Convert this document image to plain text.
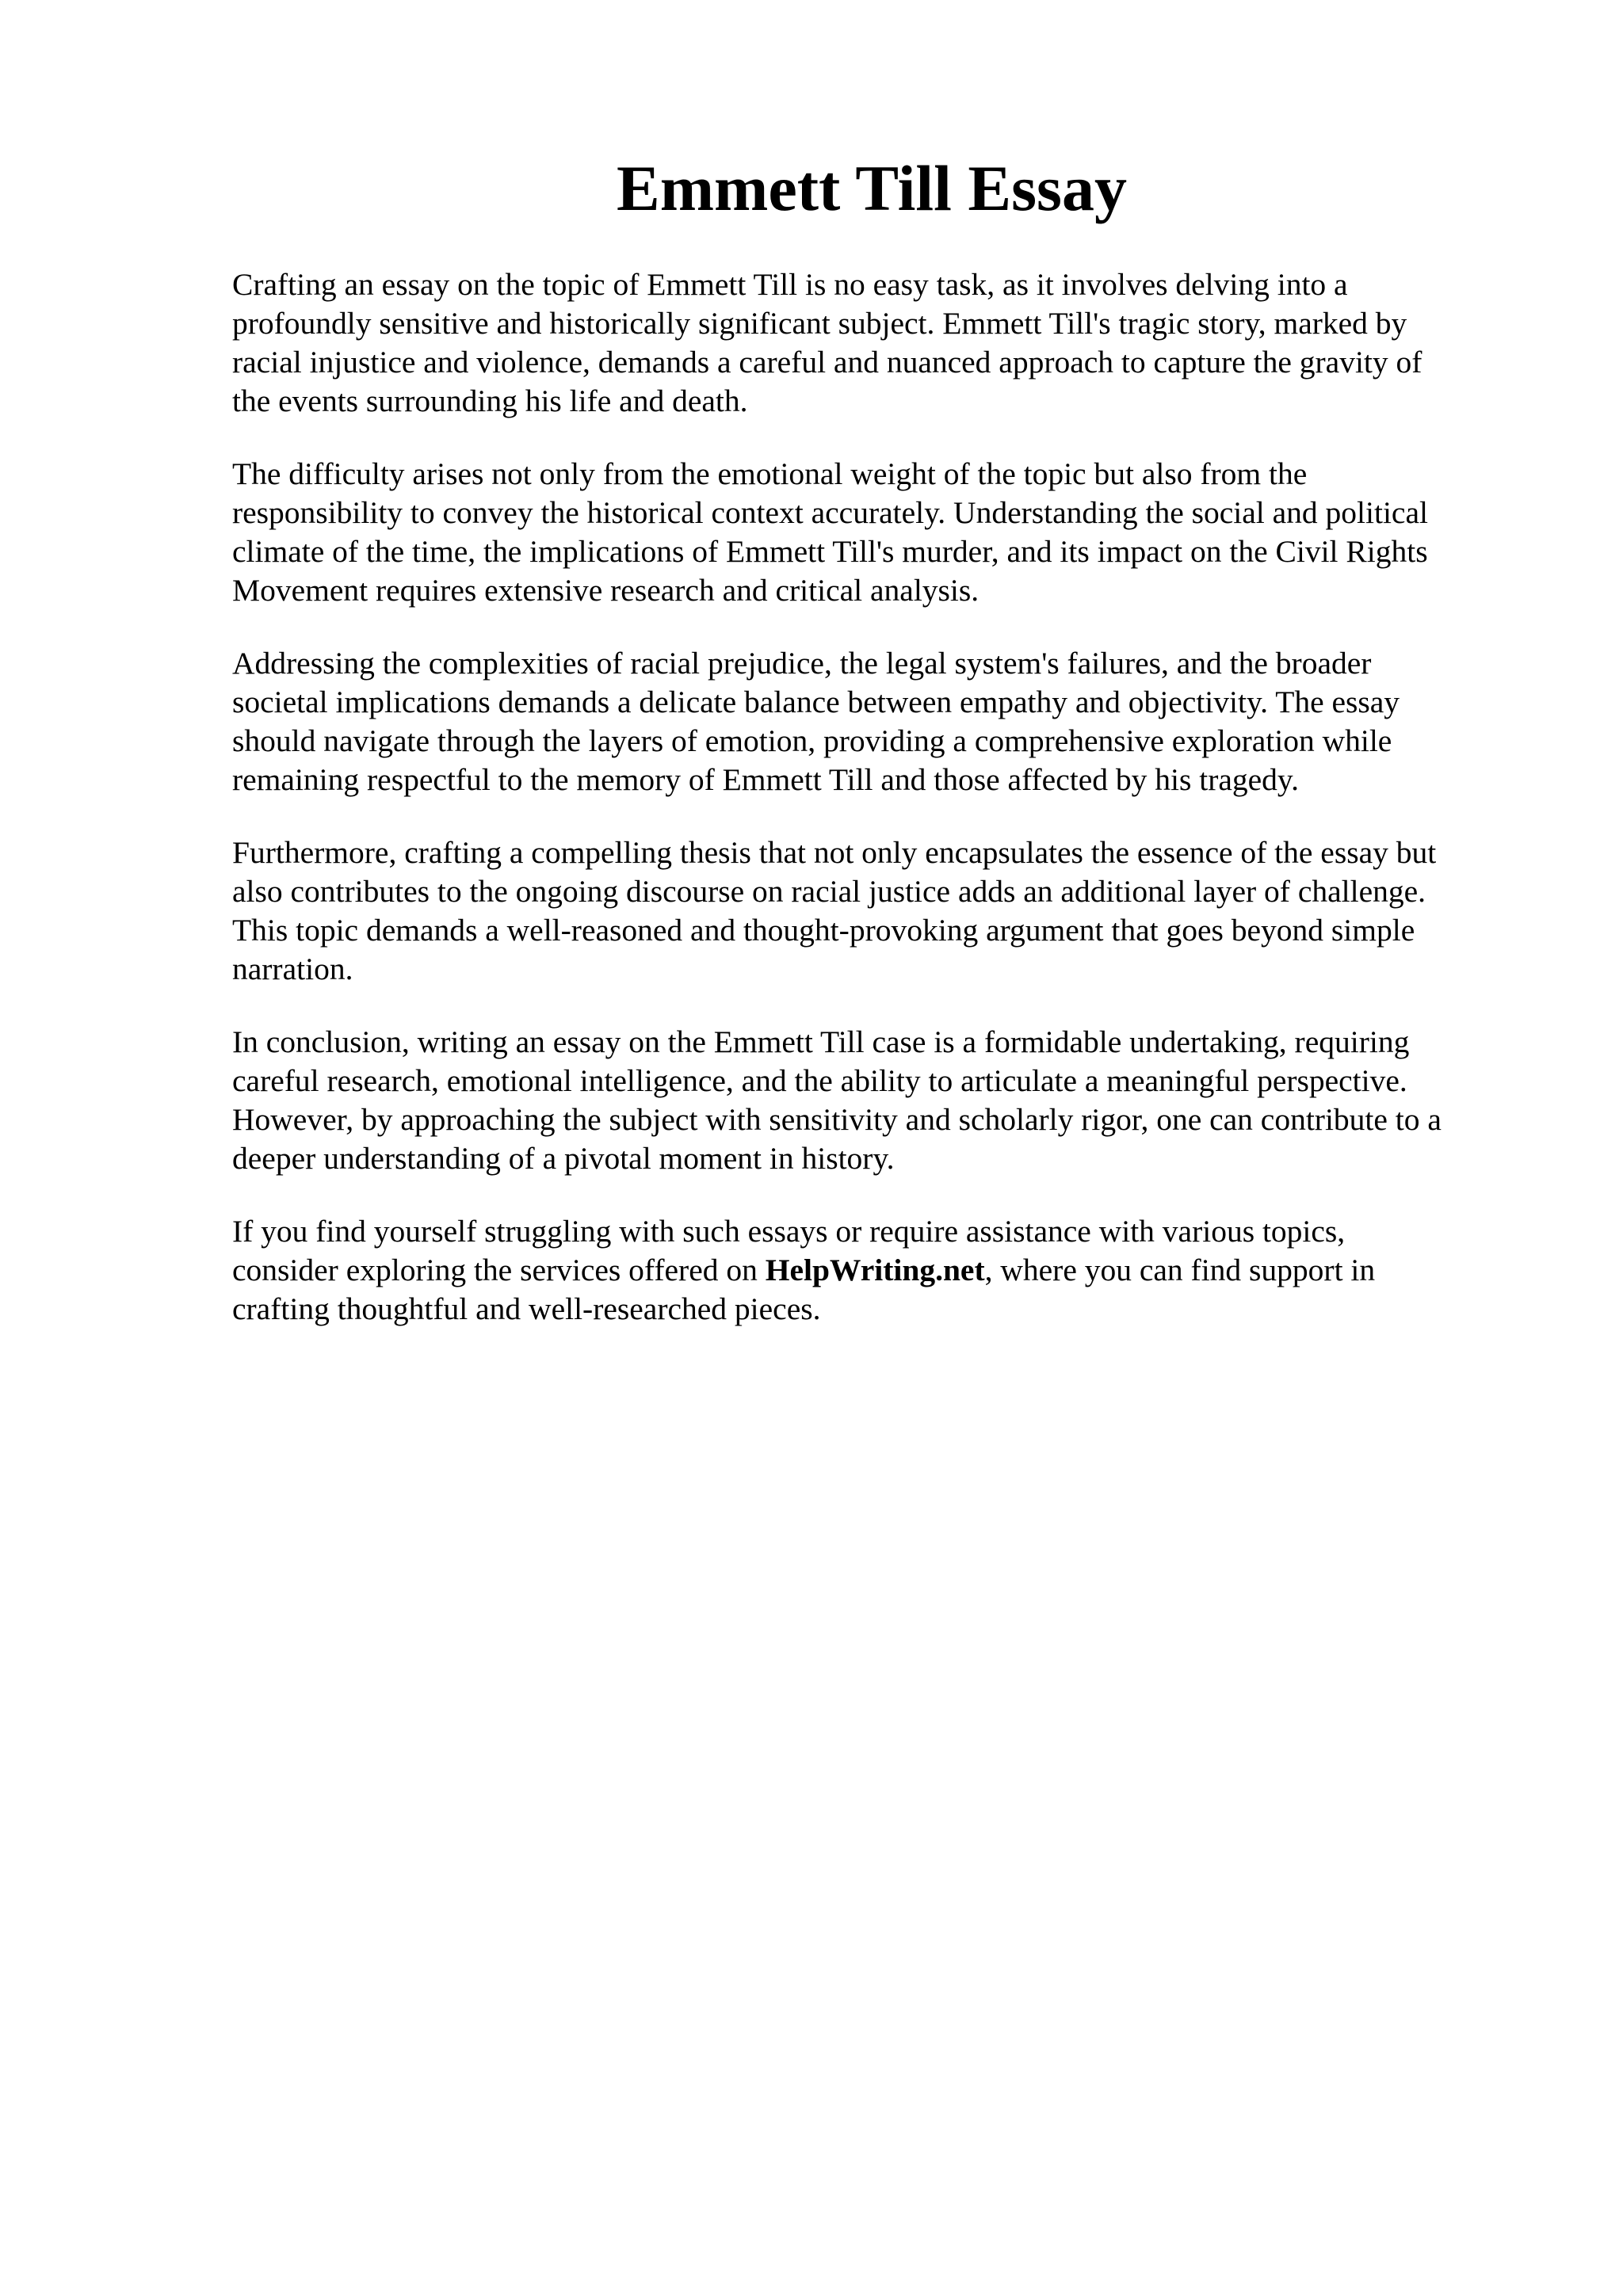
Emmett Till Essay

Crafting an essay on the topic of Emmett Till is no easy task, as it involves delving into a
profoundly sensitive and historically significant subject. Emmett Till's tragic story, marked by
racial injustice and violence, demands a careful and nuanced approach to capture the gravity of
the events surrounding his life and death.

The difficulty arises not only from the emotional weight of the topic but also from the
responsibility to convey the historical context accurately. Understanding the social and political
climate of the time, the implications of Emmett Till's murder, and its impact on the Civil Rights
Movement requires extensive research and critical analysis.

Addressing the complexities of racial prejudice, the legal system's failures, and the broader
societal implications demands a delicate balance between empathy and objectivity. The essay
should navigate through the layers of emotion, providing a comprehensive exploration while
remaining respectful to the memory of Emmett Till and those affected by his tragedy.

Furthermore, crafting a compelling thesis that not only encapsulates the essence of the essay but
also contributes to the ongoing discourse on racial justice adds an additional layer of challenge.
This topic demands a well-reasoned and thought-provoking argument that goes beyond simple
narration.

In conclusion, writing an essay on the Emmett Till case is a formidable undertaking, requiring
careful research, emotional intelligence, and the ability to articulate a meaningful perspective.
However, by approaching the subject with sensitivity and scholarly rigor, one can contribute to a
deeper understanding of a pivotal moment in history.

If you find yourself struggling with such essays or require assistance with various topics,
consider exploring the services offered on HelpWriting.net, where you can find support in
crafting thoughtful and well-researched pieces.
